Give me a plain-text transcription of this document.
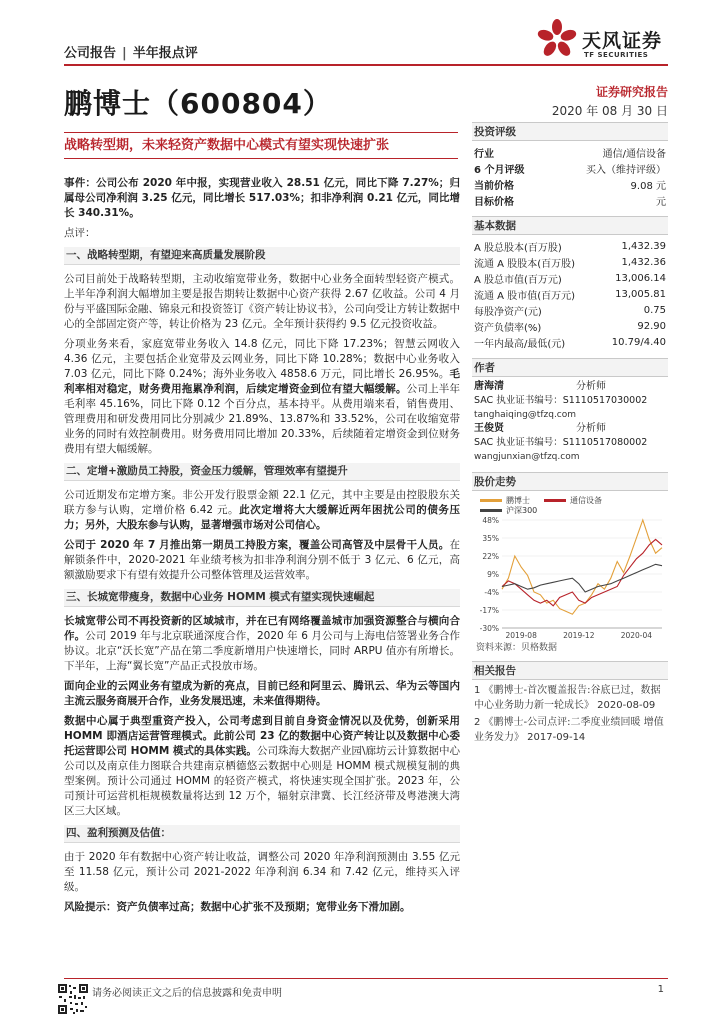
公司报告 | 半年报点评
天风证券
TF SECURITIES
鹏博士（600804）	证券研究报告
2020 年 08 月 30 日
战略转型期，未来轻资产数据中心模式有望实现快速扩张

事件：公司公布 2020 年中报，实现营业收入 28.51 亿元，同比下降 7.27%；归属母公司净利润 3.25 亿元，同比增长 517.03%；扣非净利润 0.21 亿元，同比增长 340.31%。

点评：

一、战略转型期，有望迎来高质量发展阶段

公司目前处于战略转型期，主动收缩宽带业务，数据中心业务全面转型轻资产模式。上半年净利润大幅增加主要是报告期转让数据中心资产获得 2.67 亿收益。公司 4 月份与平盛国际金融、锦泉元和投资签订《资产转让协议书》，公司向受让方转让数据中心的全部固定资产等，转让价格为 23 亿元。全年预计获得约 9.5 亿元投资收益。

分项业务来看，家庭宽带业务收入 14.8 亿元，同比下降 17.23%；智慧云网收入 4.36 亿元，主要包括企业宽带及云网业务，同比下降 10.28%；数据中心业务收入 7.03 亿元，同比下降 0.24%；海外业务收入 4858.6 万元，同比增长 26.95%。毛利率相对稳定，财务费用拖累净利润，后续定增资金到位有望大幅缓解。公司上半年毛利率 45.16%，同比下降 0.12 个百分点，基本持平。从费用端来看，销售费用、管理费用和研发费用同比分别减少 21.89%、13.87%和 33.52%，公司在收缩宽带业务的同时有效控制费用。财务费用同比增加 20.33%，后续随着定增资金到位财务费用有望大幅缓解。

二、定增+激励员工持股，资金压力缓解，管理效率有望提升

公司近期发布定增方案。非公开发行股票金额 22.1 亿元，其中主要是由控股股东关联方参与认购，定增价格 6.42 元。此次定增将大大缓解近两年困扰公司的债务压力；另外，大股东参与认购，显著增强市场对公司信心。

公司于 2020 年 7 月推出第一期员工持股方案，覆盖公司高管及中层骨干人员。在解锁条件中，2020-2021 年业绩考核为扣非净利润分别不低于 3 亿元、6 亿元，高额激励要求下有望有效提升公司整体管理及运营效率。

三、长城宽带瘦身，数据中心业务 HOMM 模式有望实现快速崛起

长城宽带公司不再投资新的区域城市，并在已有网络覆盖城市加强资源整合与横向合作。公司 2019 年与北京联通深度合作，2020 年 6 月公司与上海电信签署业务合作协议。北京“沃长宽”产品在第二季度新增用户快速增长，同时 ARPU 值亦有所增长。下半年，上海“翼长宽”产品正式投放市场。

面向企业的云网业务有望成为新的亮点，目前已经和阿里云、腾讯云、华为云等国内主流云服务商展开合作，业务发展迅速，未来值得期待。

数据中心属于典型重资产投入，公司考虑到目前自身资金情况以及优势，创新采用 HOMM 即酒店运营管理模式。此前公司 23 亿的数据中心资产转让以及数据中心委托运营即公司 HOMM 模式的具体实践。公司珠海大数据产业园\廊坊云计算数据中心公司以及南京佳力图联合共建南京栖德悠云数据中心则是 HOMM 模式规模复制的典型案例。预计公司通过 HOMM 的轻资产模式，将快速实现全国扩张。2023 年，公司预计可运营机柜规模数量将达到 12 万个，辐射京津冀、长江经济带及粤港澳大湾区三大区域。

四、盈利预测及估值：

由于 2020 年有数据中心资产转让收益，调整公司 2020 年净利润预测由 3.55 亿元至 11.58 亿元，预计公司 2021-2022 年净利润 6.34 和 7.42 亿元，维持买入评级。

风险提示：资产负债率过高；数据中心扩张不及预期；宽带业务下滑加剧。

投资评级
行业	通信/通信设备
6 个月评级	买入（维持评级）
当前价格	9.08 元
目标价格	元
基本数据
A 股总股本(百万股)	1,432.39
流通 A 股股本(百万股)	1,432.36
A 股总市值(百万元)	13,006.14
流通 A 股市值(百万元)	13,005.81
每股净资产(元)	0.75
资产负债率(%)	92.90
一年内最高/最低(元)	10.79/4.40
作者
唐海清	分析师
SAC 执业证书编号：S1110517030002
tanghaiqing@tfzq.com
王俊贤	分析师
SAC 执业证书编号：S1110517080002
wangjunxian@tfzq.com
股价走势
鹏博士	通信设备
沪深300
-30%
-17%
-4%
9%
22%
35%
48%
2019-08	2019-12	2020-04
资料来源：贝格数据
相关报告
1 《鹏博士-首次覆盖报告:谷底已过，数据中心业务助力新一轮成长》 2020-08-09
2 《鹏博士-公司点评:二季度业绩回暖 增值业务发力》 2017-09-14
请务必阅读正文之后的信息披露和免责申明	1
